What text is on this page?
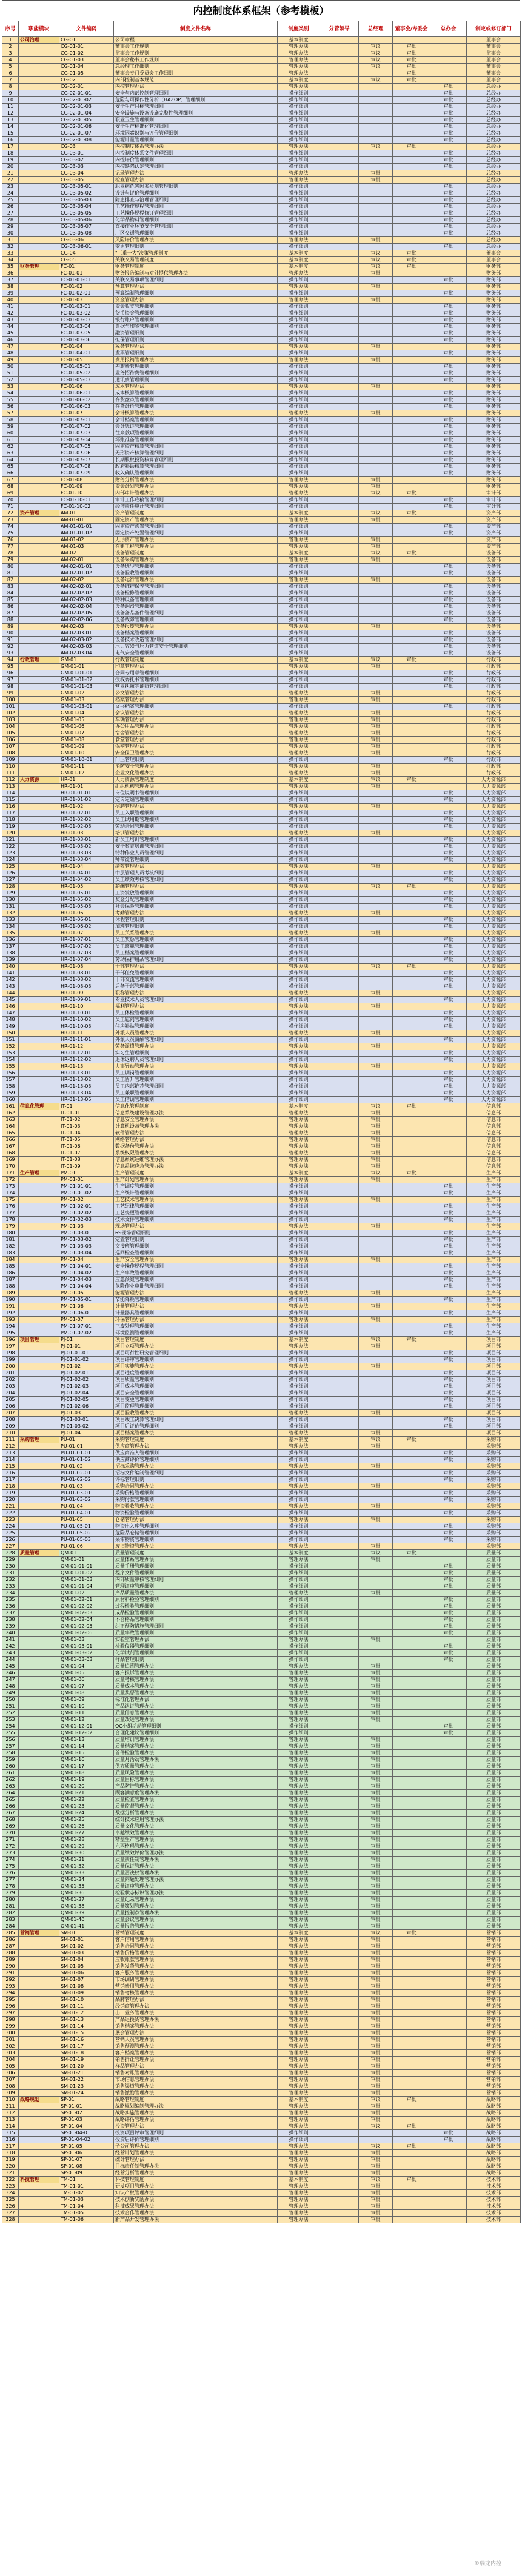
内控制度体系框架（参考模板）
序号	职能模块	文件编码	制度文件名称	制度类别	分管领导	总经理	董事会/专委会	总办会	制定或修订部门
1	公司治理	CG-01	公司章程	基本制度					董事会
2		CG-01-01	董事会工作规则	管理办法		审议	审批		董事会
3		CG-01-02	监事会工作规则	管理办法		审议	审批		监事会
4		CG-01-03	董事会秘书工作规则	管理办法		审议	审批		董事会
5		CG-01-04	总经理工作细则	管理办法		审议	审批		董事会
6		CG-01-05	董事会专门委员会工作细则	管理办法			审批		董事会
7		CG-02	内部控制基本规范	基本制度		审议	审批		董事会
8		CG-02-01	内控管理办法	管理办法				审批	总经办
9		CG-02-01-01	安全与内部控制管理细则	操作细则				审批	总经办
10		CG-02-01-02	危险与可操作性分析（HAZOP）管理细则	操作细则				审批	总经办
11		CG-02-01-03	安全生产目标管理细则	操作细则				审批	总经办
12		CG-02-01-04	安全设施与设备设施完整性管理细则	操作细则				审批	总经办
13		CG-02-01-05	职业卫生管理细则	操作细则				审批	总经办
14		CG-02-01-06	安全生产标准化管理细则	操作细则				审批	总经办
15		CG-02-01-07	环境因素识别与评价管理细则	操作细则				审批	总经办
16		CG-02-01-08	能源计量管理细则	操作细则				审批	总经办
17		CG-03	内控制度体系管理办法	管理办法		审议	审批		总经办
18		CG-03-01	内控制度体系文件管理细则	操作细则				审批	总经办
19		CG-03-02	内控评价管理细则	操作细则				审批	总经办
20		CG-03-03	内控缺陷认定管理细则	操作细则				审批	总经办
21		CG-03-04	记录管理办法	管理办法		审批			总经办
22		CG-03-05	检查管理办法	管理办法		审批			总经办
23		CG-03-05-01	职业病危害因素检测管理细则	操作细则				审批	总经办
24		CG-03-05-02	设计与评价管理细则	操作细则				审批	总经办
25		CG-03-05-03	隐患排查与治理管理细则	操作细则				审批	总经办
26		CG-03-05-04	工艺操作规程管理细则	操作细则				审批	总经办
27		CG-03-05-05	工艺操作规程修订管理细则	操作细则				审批	总经办
28		CG-03-05-06	化学品物料管理细则	操作细则				审批	总经办
29		CG-03-05-07	直接作业环节安全管理细则	操作细则				审批	总经办
30		CG-03-05-08	厂区交通管理细则	操作细则				审批	总经办
31		CG-03-06	风险评价管理办法	管理办法		审批			总经办
32		CG-03-06-01	变更管理细则	操作细则				审批	总经办
33		CG-04	"三重一大"决策管理制度	基本制度		审议	审批		董事会
34		CG-05	关联交易管理制度	基本制度		审议	审批		董事会
35	财务管理	FC-01	财务管理制度	基本制度		审议	审批		财务部
36		FC-01-01	财务报告编制与对外提供管理办法	管理办法		审批			财务部
37		FC-01-01-01	关联交易事项管理细则	操作细则				审批	财务部
38		FC-01-02	预算管理办法	管理办法		审批			财务部
39		FC-01-02-01	预算编制管理细则	操作细则				审批	财务部
40		FC-01-03	资金管理办法	管理办法		审批			财务部
41		FC-01-03-01	资金收支管理细则	操作细则				审批	财务部
42		FC-01-03-02	货币资金管理细则	操作细则				审批	财务部
43		FC-01-03-03	银行账户管理细则	操作细则				审批	财务部
44		FC-01-03-04	票据与印鉴管理细则	操作细则				审批	财务部
45		FC-01-03-05	融资管理细则	操作细则				审批	财务部
46		FC-01-03-06	担保管理细则	操作细则				审批	财务部
47		FC-01-04	税务管理办法	管理办法		审批			财务部
48		FC-01-04-01	发票管理细则	操作细则				审批	财务部
49		FC-01-05	费用报销管理办法	管理办法		审批			财务部
50		FC-01-05-01	差旅费管理细则	操作细则				审批	财务部
51		FC-01-05-02	业务招待费管理细则	操作细则				审批	财务部
52		FC-01-05-03	通讯费管理细则	操作细则				审批	财务部
53		FC-01-06	成本管理办法	管理办法		审批			财务部
54		FC-01-06-01	成本核算管理细则	操作细则				审批	财务部
55		FC-01-06-02	存货盘点管理细则	操作细则				审批	财务部
56		FC-01-06-03	存货计价管理细则	操作细则				审批	财务部
57		FC-01-07	会计核算管理办法	管理办法		审批			财务部
58		FC-01-07-01	会计档案管理细则	操作细则				审批	财务部
59		FC-01-07-02	会计凭证管理细则	操作细则				审批	财务部
60		FC-01-07-03	往来款项管理细则	操作细则				审批	财务部
61		FC-01-07-04	坏账准备管理细则	操作细则				审批	财务部
62		FC-01-07-05	固定资产核算管理细则	操作细则				审批	财务部
63		FC-01-07-06	无形资产核算管理细则	操作细则				审批	财务部
64		FC-01-07-07	长期股权投资核算管理细则	操作细则				审批	财务部
65		FC-01-07-08	政府补助核算管理细则	操作细则				审批	财务部
66		FC-01-07-09	收入确认管理细则	操作细则				审批	财务部
67		FC-01-08	财务分析管理办法	管理办法		审批			财务部
68		FC-01-09	资金计划管理办法	管理办法		审批			财务部
69		FC-01-10	内部审计管理办法	管理办法		审议	审批		审计部
70		FC-01-10-01	审计工作底稿管理细则	操作细则				审批	审计部
71		FC-01-10-02	经济责任审计管理细则	操作细则				审批	审计部
72	资产管理	AM-01	资产管理制度	基本制度		审议	审批		资产部
73		AM-01-01	固定资产管理办法	管理办法		审批			资产部
74		AM-01-01-01	固定资产购置管理细则	操作细则				审批	资产部
75		AM-01-01-02	固定资产处置管理细则	操作细则				审批	资产部
76		AM-01-02	无形资产管理办法	管理办法		审批			资产部
77		AM-01-03	在建工程管理办法	管理办法		审批			资产部
78		AM-02	设备管理制度	基本制度		审议	审批		设备部
79		AM-02-01	设备采购管理办法	管理办法		审批			设备部
80		AM-02-01-01	设备选型管理细则	操作细则				审批	设备部
81		AM-02-01-02	设备验收管理细则	操作细则				审批	设备部
82		AM-02-02	设备运行管理办法	管理办法		审批			设备部
83		AM-02-02-01	设备维护保养管理细则	操作细则				审批	设备部
84		AM-02-02-02	设备检修管理细则	操作细则				审批	设备部
85		AM-02-02-03	特种设备管理细则	操作细则				审批	设备部
86		AM-02-02-04	设备润滑管理细则	操作细则				审批	设备部
87		AM-02-02-05	设备备品备件管理细则	操作细则				审批	设备部
88		AM-02-02-06	设备故障管理细则	操作细则				审批	设备部
89		AM-02-03	设备报废管理办法	管理办法		审批			设备部
90		AM-02-03-01	设备档案管理细则	操作细则				审批	设备部
91		AM-02-03-02	设备技术改造管理细则	操作细则				审批	设备部
92		AM-02-03-03	压力容器与压力管道安全管理细则	操作细则				审批	设备部
93		AM-02-03-04	电气安全管理细则	操作细则				审批	设备部
94	行政管理	GM-01	行政管理制度	基本制度		审议	审批		行政部
95		GM-01-01	印章管理办法	管理办法		审批			行政部
96		GM-01-01-01	合同专用章管理细则	操作细则				审批	行政部
97		GM-01-01-02	授权委托书管理细则	操作细则				审批	行政部
98		GM-01-01-03	营业执照等证照管理细则	操作细则				审批	行政部
99		GM-01-02	公文管理办法	管理办法		审批			行政部
100		GM-01-03	档案管理办法	管理办法		审批			行政部
101		GM-01-03-01	文书档案管理细则	操作细则				审批	行政部
102		GM-01-04	会议管理办法	管理办法		审批			行政部
103		GM-01-05	车辆管理办法	管理办法		审批			行政部
104		GM-01-06	办公用品管理办法	管理办法		审批			行政部
105		GM-01-07	宿舍管理办法	管理办法		审批			行政部
106		GM-01-08	食堂管理办法	管理办法		审批			行政部
107		GM-01-09	保密管理办法	管理办法		审批			行政部
108		GM-01-10	安全保卫管理办法	管理办法		审批			行政部
109		GM-01-10-01	门卫管理细则	操作细则				审批	行政部
110		GM-01-11	消防安全管理办法	管理办法		审批			行政部
111		GM-01-12	企业文化管理办法	管理办法		审批			行政部
112	人力资源	HR-01	人力资源管理制度	基本制度		审议	审批		人力资源部
113		HR-01-01	组织机构管理办法	管理办法		审批			人力资源部
114		HR-01-01-01	岗位说明书管理细则	操作细则				审批	人力资源部
115		HR-01-01-02	定岗定编管理细则	操作细则				审批	人力资源部
116		HR-01-02	招聘管理办法	管理办法		审批			人力资源部
117		HR-01-02-01	员工入职管理细则	操作细则				审批	人力资源部
118		HR-01-02-02	员工试用期管理细则	操作细则				审批	人力资源部
119		HR-01-02-03	劳动合同管理细则	操作细则				审批	人力资源部
120		HR-01-03	培训管理办法	管理办法		审批			人力资源部
121		HR-01-03-01	新员工培训管理细则	操作细则				审批	人力资源部
122		HR-01-03-02	安全教育培训管理细则	操作细则				审批	人力资源部
123		HR-01-03-03	特种作业人员管理细则	操作细则				审批	人力资源部
124		HR-01-03-04	师带徒管理细则	操作细则				审批	人力资源部
125		HR-01-04	绩效管理办法	管理办法		审批			人力资源部
126		HR-01-04-01	中层管理人员考核细则	操作细则				审批	人力资源部
127		HR-01-04-02	员工绩效考核管理细则	操作细则				审批	人力资源部
128		HR-01-05	薪酬管理办法	管理办法		审议	审批		人力资源部
129		HR-01-05-01	工资发放管理细则	操作细则				审批	人力资源部
130		HR-01-05-02	奖金分配管理细则	操作细则				审批	人力资源部
131		HR-01-05-03	社会保险管理细则	操作细则				审批	人力资源部
132		HR-01-06	考勤管理办法	管理办法		审批			人力资源部
133		HR-01-06-01	休假管理细则	操作细则				审批	人力资源部
134		HR-01-06-02	加班管理细则	操作细则				审批	人力资源部
135		HR-01-07	员工关系管理办法	管理办法		审批			人力资源部
136		HR-01-07-01	员工奖惩管理细则	操作细则				审批	人力资源部
137		HR-01-07-02	员工离职管理细则	操作细则				审批	人力资源部
138		HR-01-07-03	员工档案管理细则	操作细则				审批	人力资源部
139		HR-01-07-04	劳动保护用品管理细则	操作细则				审批	人力资源部
140		HR-01-08	干部管理办法	管理办法		审议	审批		人力资源部
141		HR-01-08-01	干部任免管理细则	操作细则				审批	人力资源部
142		HR-01-08-02	干部交流管理细则	操作细则				审批	人力资源部
143		HR-01-08-03	后备干部管理细则	操作细则				审批	人力资源部
144		HR-01-09	职称管理办法	管理办法		审批			人力资源部
145		HR-01-09-01	专业技术人员管理细则	操作细则				审批	人力资源部
146		HR-01-10	福利管理办法	管理办法		审批			人力资源部
147		HR-01-10-01	员工体检管理细则	操作细则				审批	人力资源部
148		HR-01-10-02	员工慰问管理细则	操作细则				审批	人力资源部
149		HR-01-10-03	住房补贴管理细则	操作细则				审批	人力资源部
150		HR-01-11	外派人员管理办法	管理办法		审批			人力资源部
151		HR-01-11-01	外派人员薪酬管理细则	操作细则				审批	人力资源部
152		HR-01-12	劳务派遣管理办法	管理办法		审批			人力资源部
153		HR-01-12-01	实习生管理细则	操作细则				审批	人力资源部
154		HR-01-12-02	退休返聘人员管理细则	操作细则				审批	人力资源部
155		HR-01-13	人事异动管理办法	管理办法		审批			人力资源部
156		HR-01-13-01	员工调岗管理细则	操作细则				审批	人力资源部
157		HR-01-13-02	员工晋升管理细则	操作细则				审批	人力资源部
158		HR-01-13-03	员工内部推荐管理细则	操作细则				审批	人力资源部
159		HR-01-13-04	员工兼职管理细则	操作细则				审批	人力资源部
160		HR-01-13-05	员工借调管理细则	操作细则				审批	人力资源部
161	信息化管理	IT-01	信息化管理制度	基本制度		审议	审批		信息部
162		IT-01-01	信息系统建设管理办法	管理办法		审批			信息部
163		IT-01-02	信息安全管理办法	管理办法		审批			信息部
164		IT-01-03	计算机设备管理办法	管理办法		审批			信息部
165		IT-01-04	软件管理办法	管理办法		审批			信息部
166		IT-01-05	网络管理办法	管理办法		审批			信息部
167		IT-01-06	数据备份管理办法	管理办法		审批			信息部
168		IT-01-07	系统权限管理办法	管理办法		审批			信息部
169		IT-01-08	信息系统运维管理办法	管理办法		审批			信息部
170		IT-01-09	信息系统应急管理办法	管理办法		审批			信息部
171	生产管理	PM-01	生产管理制度	基本制度		审议	审批		生产部
172		PM-01-01	生产计划管理办法	管理办法		审批			生产部
173		PM-01-01-01	生产调度管理细则	操作细则				审批	生产部
174		PM-01-01-02	生产统计管理细则	操作细则				审批	生产部
175		PM-01-02	工艺技术管理办法	管理办法		审批			生产部
176		PM-01-02-01	工艺纪律管理细则	操作细则				审批	生产部
177		PM-01-02-02	工艺变更管理细则	操作细则				审批	生产部
178		PM-01-02-03	技术文件管理细则	操作细则				审批	生产部
179		PM-01-03	现场管理办法	管理办法		审批			生产部
180		PM-01-03-01	6S现场管理细则	操作细则				审批	生产部
181		PM-01-03-02	定置管理细则	操作细则				审批	生产部
182		PM-01-03-03	交接班管理细则	操作细则				审批	生产部
183		PM-01-03-04	巡回检查管理细则	操作细则				审批	生产部
184		PM-01-04	生产安全管理办法	管理办法		审批			生产部
185		PM-01-04-01	安全操作规程管理细则	操作细则				审批	生产部
186		PM-01-04-02	生产事故管理细则	操作细则				审批	生产部
187		PM-01-04-03	应急预案管理细则	操作细则				审批	生产部
188		PM-01-04-04	危险作业审批管理细则	操作细则				审批	生产部
189		PM-01-05	能源管理办法	管理办法		审批			生产部
190		PM-01-05-01	节能降耗管理细则	操作细则				审批	生产部
191		PM-01-06	计量管理办法	管理办法		审批			生产部
192		PM-01-06-01	计量器具管理细则	操作细则				审批	生产部
193		PM-01-07	环保管理办法	管理办法		审批			生产部
194		PM-01-07-01	三废处理管理细则	操作细则				审批	生产部
195		PM-01-07-02	环境监测管理细则	操作细则				审批	生产部
196	项目管理	PJ-01	项目管理制度	基本制度		审议	审批		项目部
197		PJ-01-01	项目立项管理办法	管理办法		审批			项目部
198		PJ-01-01-01	项目可行性研究管理细则	操作细则				审批	项目部
199		PJ-01-01-02	项目评审管理细则	操作细则				审批	项目部
200		PJ-01-02	项目实施管理办法	管理办法		审批			项目部
201		PJ-01-02-01	项目进度管理细则	操作细则				审批	项目部
202		PJ-01-02-02	项目质量管理细则	操作细则				审批	项目部
203		PJ-01-02-03	项目成本管理细则	操作细则				审批	项目部
204		PJ-01-02-04	项目安全管理细则	操作细则				审批	项目部
205		PJ-01-02-05	项目变更管理细则	操作细则				审批	项目部
206		PJ-01-02-06	项目监理管理细则	操作细则				审批	项目部
207		PJ-01-03	项目验收管理办法	管理办法		审批			项目部
208		PJ-01-03-01	项目竣工决算管理细则	操作细则				审批	项目部
209		PJ-01-03-02	项目后评价管理细则	操作细则				审批	项目部
210		PJ-01-04	项目档案管理办法	管理办法		审批			项目部
211	采购管理	PU-01	采购管理制度	基本制度		审议	审批		采购部
212		PU-01-01	供应商管理办法	管理办法		审批			采购部
213		PU-01-01-01	供应商准入管理细则	操作细则				审批	采购部
214		PU-01-01-02	供应商评价管理细则	操作细则				审批	采购部
215		PU-01-02	招标采购管理办法	管理办法		审批			采购部
216		PU-01-02-01	招标文件编制管理细则	操作细则				审批	采购部
217		PU-01-02-02	评标管理细则	操作细则				审批	采购部
218		PU-01-03	采购合同管理办法	管理办法		审批			采购部
219		PU-01-03-01	采购价格管理细则	操作细则				审批	采购部
220		PU-01-03-02	采购付款管理细则	操作细则				审批	采购部
221		PU-01-04	物资验收管理办法	管理办法		审批			采购部
222		PU-01-04-01	物资检验管理细则	操作细则				审批	采购部
223		PU-01-05	仓储管理办法	管理办法		审批			采购部
224		PU-01-05-01	物资出入库管理细则	操作细则				审批	采购部
225		PU-01-05-02	危险品仓储管理细则	操作细则				审批	采购部
226		PU-01-05-03	呆滞物资管理细则	操作细则				审批	采购部
227		PU-01-06	废旧物资管理办法	管理办法		审批			采购部
228	质量管理	QM-01	质量管理制度	基本制度		审议	审批		质量部
229		QM-01-01	质量体系管理办法	管理办法		审批			质量部
230		QM-01-01-01	质量手册管理细则	操作细则				审批	质量部
231		QM-01-01-02	程序文件管理细则	操作细则				审批	质量部
232		QM-01-01-03	内部质量审核管理细则	操作细则				审批	质量部
233		QM-01-01-04	管理评审管理细则	操作细则				审批	质量部
234		QM-01-02	产品质量管理办法	管理办法		审批			质量部
235		QM-01-02-01	原材料检验管理细则	操作细则				审批	质量部
236		QM-01-02-02	过程检验管理细则	操作细则				审批	质量部
237		QM-01-02-03	成品检验管理细则	操作细则				审批	质量部
238		QM-01-02-04	不合格品管理细则	操作细则				审批	质量部
239		QM-01-02-05	纠正预防措施管理细则	操作细则				审批	质量部
240		QM-01-02-06	质量事故管理细则	操作细则				审批	质量部
241		QM-01-03	实验室管理办法	管理办法		审批			质量部
242		QM-01-03-01	检验仪器管理细则	操作细则				审批	质量部
243		QM-01-03-02	化学试剂管理细则	操作细则				审批	质量部
244		QM-01-03-03	样品管理细则	操作细则				审批	质量部
245		QM-01-04	质量追溯管理办法	管理办法		审批			质量部
246		QM-01-05	客户投诉管理办法	管理办法		审批			质量部
247		QM-01-06	质量考核管理办法	管理办法		审批			质量部
248		QM-01-07	质量成本管理办法	管理办法		审批			质量部
249		QM-01-08	质量奖惩管理办法	管理办法		审批			质量部
250		QM-01-09	标准化管理办法	管理办法		审批			质量部
251		QM-01-10	产品认证管理办法	管理办法		审批			质量部
252		QM-01-11	质量信息管理办法	管理办法		审批			质量部
253		QM-01-12	质量改进管理办法	管理办法		审批			质量部
254		QM-01-12-01	QC小组活动管理细则	操作细则				审批	质量部
255		QM-01-12-02	合理化建议管理细则	操作细则				审批	质量部
256		QM-01-13	质量培训管理办法	管理办法		审批			质量部
257		QM-01-14	质量档案管理办法	管理办法		审批			质量部
258		QM-01-15	首件检验管理办法	管理办法		审批			质量部
259		QM-01-16	质量月活动管理办法	管理办法		审批			质量部
260		QM-01-17	供方质量管理办法	管理办法		审批			质量部
261		QM-01-18	质量风险管理办法	管理办法		审批			质量部
262		QM-01-19	质量目标管理办法	管理办法		审批			质量部
263		QM-01-20	产品防护管理办法	管理办法		审批			质量部
264		QM-01-21	顾客满意度管理办法	管理办法		审批			质量部
265		QM-01-22	质量检查管理办法	管理办法		审批			质量部
266		QM-01-23	质量监督管理办法	管理办法		审批			质量部
267		QM-01-24	数据分析管理办法	管理办法		审批			质量部
268		QM-01-25	统计技术应用管理办法	管理办法		审批			质量部
269		QM-01-26	质量文化管理办法	管理办法		审批			质量部
270		QM-01-27	卓越绩效管理办法	管理办法		审批			质量部
271		QM-01-28	精益生产管理办法	管理办法		审批			质量部
272		QM-01-29	六西格玛管理办法	管理办法		审批			质量部
273		QM-01-30	质量绩效评价管理办法	管理办法		审批			质量部
274		QM-01-31	质量责任制管理办法	管理办法		审批			质量部
275		QM-01-32	质量保证管理办法	管理办法		审批			质量部
276		QM-01-33	质量否决权管理办法	管理办法		审批			质量部
277		QM-01-34	质量问题处理管理办法	管理办法		审批			质量部
278		QM-01-35	质量评审管理办法	管理办法		审批			质量部
279		QM-01-36	检验状态标识管理办法	管理办法		审批			质量部
280		QM-01-37	质量记录管理办法	管理办法		审批			质量部
281		QM-01-38	质量策划管理办法	管理办法		审批			质量部
282		QM-01-39	质量控制点管理办法	管理办法		审批			质量部
283		QM-01-40	质量会议管理办法	管理办法		审批			质量部
284		QM-01-41	质量报告管理办法	管理办法		审批			质量部
285	营销管理	SM-01	营销管理制度	基本制度		审议	审批		营销部
286		SM-01-01	客户信用管理办法	管理办法		审批			营销部
287		SM-01-02	销售合同管理办法	管理办法		审批			营销部
288		SM-01-03	销售价格管理办法	管理办法		审批			营销部
289		SM-01-04	应收账款管理办法	管理办法		审批			营销部
290		SM-01-05	销售发货管理办法	管理办法		审批			营销部
291		SM-01-06	客户服务管理办法	管理办法		审批			营销部
292		SM-01-07	市场调研管理办法	管理办法		审批			营销部
293		SM-01-08	营销费用管理办法	管理办法		审批			营销部
294		SM-01-09	销售考核管理办法	管理办法		审批			营销部
295		SM-01-10	品牌管理办法	管理办法		审批			营销部
296		SM-01-11	经销商管理办法	管理办法		审批			营销部
297		SM-01-12	出口业务管理办法	管理办法		审批			营销部
298		SM-01-13	产品退换货管理办法	管理办法		审批			营销部
299		SM-01-14	销售档案管理办法	管理办法		审批			营销部
300		SM-01-15	展会管理办法	管理办法		审批			营销部
301		SM-01-16	营销人员管理办法	管理办法		审批			营销部
302		SM-01-17	销售预测管理办法	管理办法		审批			营销部
303		SM-01-18	客户档案管理办法	管理办法		审批			营销部
304		SM-01-19	销售折让管理办法	管理办法		审批			营销部
305		SM-01-20	样品管理办法	管理办法		审批			营销部
306		SM-01-21	销售对账管理办法	管理办法		审批			营销部
307		SM-01-22	市场信息管理办法	管理办法		审批			营销部
308		SM-01-23	销售渠道管理办法	管理办法		审批			营销部
309		SM-01-24	销售激励管理办法	管理办法		审批			营销部
310	战略规划	SP-01	战略管理制度	基本制度		审议	审批		战略部
311		SP-01-01	战略规划编制管理办法	管理办法		审批			战略部
312		SP-01-02	战略实施管理办法	管理办法		审批			战略部
313		SP-01-03	战略评估管理办法	管理办法		审批			战略部
314		SP-01-04	投资管理办法	管理办法		审议	审批		战略部
315		SP-01-04-01	投资项目评审管理细则	操作细则				审批	战略部
316		SP-01-04-02	投资后评价管理细则	操作细则				审批	战略部
317		SP-01-05	子公司管理办法	管理办法		审议	审批		战略部
318		SP-01-06	经营计划管理办法	管理办法		审批			战略部
319		SP-01-07	统计管理办法	管理办法		审批			战略部
320		SP-01-08	目标责任制管理办法	管理办法		审批			战略部
321		SP-01-09	经营分析管理办法	管理办法		审批			战略部
322	科技管理	TM-01	科技管理制度	基本制度		审议	审批		技术部
323		TM-01-01	研发项目管理办法	管理办法		审批			技术部
324		TM-01-02	知识产权管理办法	管理办法		审批			技术部
325		TM-01-03	技术创新奖励办法	管理办法		审批			技术部
326		TM-01-04	科技成果管理办法	管理办法		审批			技术部
327		TM-01-05	技术合作管理办法	管理办法		审批			技术部
328		TM-01-06	新产品开发管理办法	管理办法		审批			技术部
©瑞龙内控
